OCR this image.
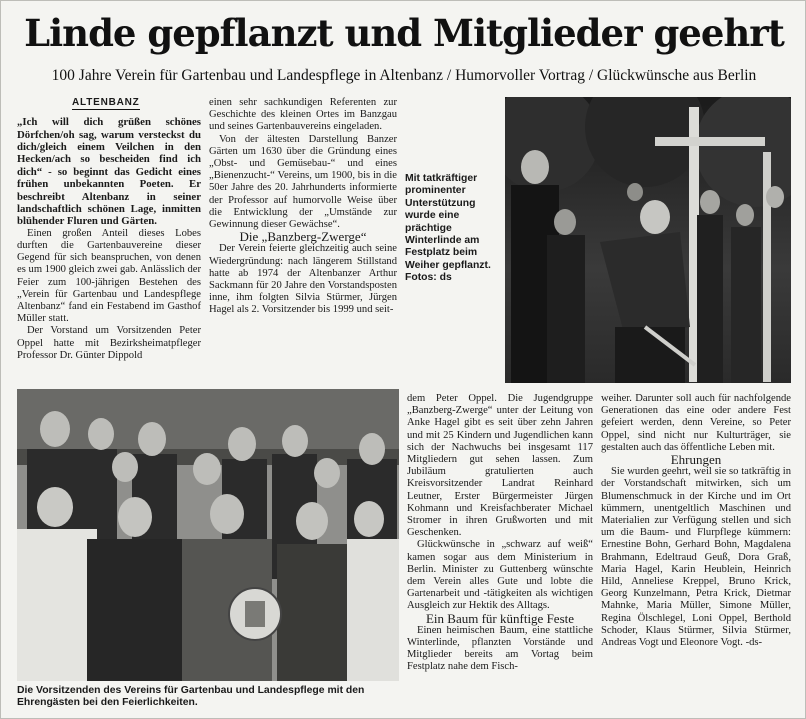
Linde gepflanzt und Mitglieder geehrt
100 Jahre Verein für Gartenbau und Landespflege in Altenbanz / Humorvoller Vortrag / Glückwünsche aus Berlin
ALTENBANZ

„Ich will dich grüßen schönes Dörfchen/oh sag, warum versteckst du dich/gleich einem Veilchen in den Hecken/ach so bescheiden find ich dich“ - so beginnt das Gedicht eines frühen unbekannten Poeten. Er beschreibt Altenbanz in seiner landschaftlich schönen Lage, inmitten blühender Fluren und Gärten.

Einen großen Anteil dieses Lobes durften die Gartenbauvereine dieser Gegend für sich beanspruchen, von denen es um 1900 gleich zwei gab. Anlässlich der Feier zum 100-jährigen Bestehen des „Verein für Gartenbau und Landespflege Altenbanz“ fand ein Festabend im Gasthof Müller statt.

Der Vorstand um Vorsitzenden Peter Oppel hatte mit Bezirksheimatpfleger Professor Dr. Günter Dippold

einen sehr sachkundigen Referenten zur Geschichte des kleinen Ortes im Banzgau und seines Gartenbauvereins eingeladen.

Von der ältesten Darstellung Banzer Gärten um 1630 über die Gründung eines „Obst- und Gemüsebau-“ und eines „Bienenzucht-“ Vereins, um 1900, bis in die 50er Jahre des 20. Jahrhunderts informierte der Professor auf humorvolle Weise über die Entwicklung der „Umstände zur Gewinnung dieser Gewächse“.

Die „Banzberg-Zwerge“

Der Verein feierte gleichzeitig auch seine Wiedergründung: nach längerem Stillstand hatte ab 1974 der Altenbanzer Arthur Sackmann für 20 Jahre den Vorstandsposten inne, ihm folgten Silvia Stürmer, Jürgen Hagel als 2. Vorsitzender bis 1999 und seit-

Mit tatkräftiger prominenter Unterstützung wurde eine prächtige Winterlinde am Festplatz beim Weiher gepflanzt. Fotos: ds
Die Vorsitzenden des Vereins für Gartenbau und Landespflege mit den Ehrengästen bei den Feierlichkeiten.

dem Peter Oppel. Die Jugendgruppe „Banzberg-Zwerge“ unter der Leitung von Anke Hagel gibt es seit über zehn Jahren und mit 25 Kindern und Jugendlichen kann sich der Nachwuchs bei insgesamt 117 Mitgliedern gut sehen lassen. Zum Jubiläum gratulierten auch Kreisvorsitzender Landrat Reinhard Leutner, Erster Bürgermeister Jürgen Kohmann und Kreisfachberater Michael Stromer in ihren Grußworten und mit Geschenken.

Glückwünsche in „schwarz auf weiß“ kamen sogar aus dem Ministerium in Berlin. Minister zu Guttenberg wünschte dem Verein alles Gute und lobte die Gartenarbeit und -tätigkeiten als wichtigen Ausgleich zur Hektik des Alltags.

Ein Baum für künftige Feste

Einen heimischen Baum, eine stattliche Winterlinde, pflanzten Vorstände und Mitglieder bereits am Vortag beim Festplatz nahe dem Fisch-

weiher. Darunter soll auch für nachfolgende Generationen das eine oder andere Fest gefeiert werden, denn Vereine, so Peter Oppel, sind nicht nur Kulturträger, sie gestalten auch das öffentliche Leben mit.

Ehrungen

Sie wurden geehrt, weil sie so tatkräftig in der Vorstandschaft mitwirken, sich um Blumenschmuck in der Kirche und im Ort kümmern, unentgeltlich Maschinen und Materialien zur Verfügung stellen und sich um die Baum- und Flurpflege kümmern: Ernestine Bohn, Gerhard Bohn, Magdalena Brahmann, Edeltraud Geuß, Dora Graß, Maria Hagel, Karin Heublein, Heinrich Hild, Anneliese Kreppel, Bruno Krick, Georg Kunzelmann, Petra Krick, Dietmar Mahnke, Maria Müller, Simone Müller, Regina Ölschlegel, Loni Oppel, Berthold Schoder, Klaus Stürmer, Silvia Stürmer, Andreas Vogt und Eleonore Vogt. -ds-
